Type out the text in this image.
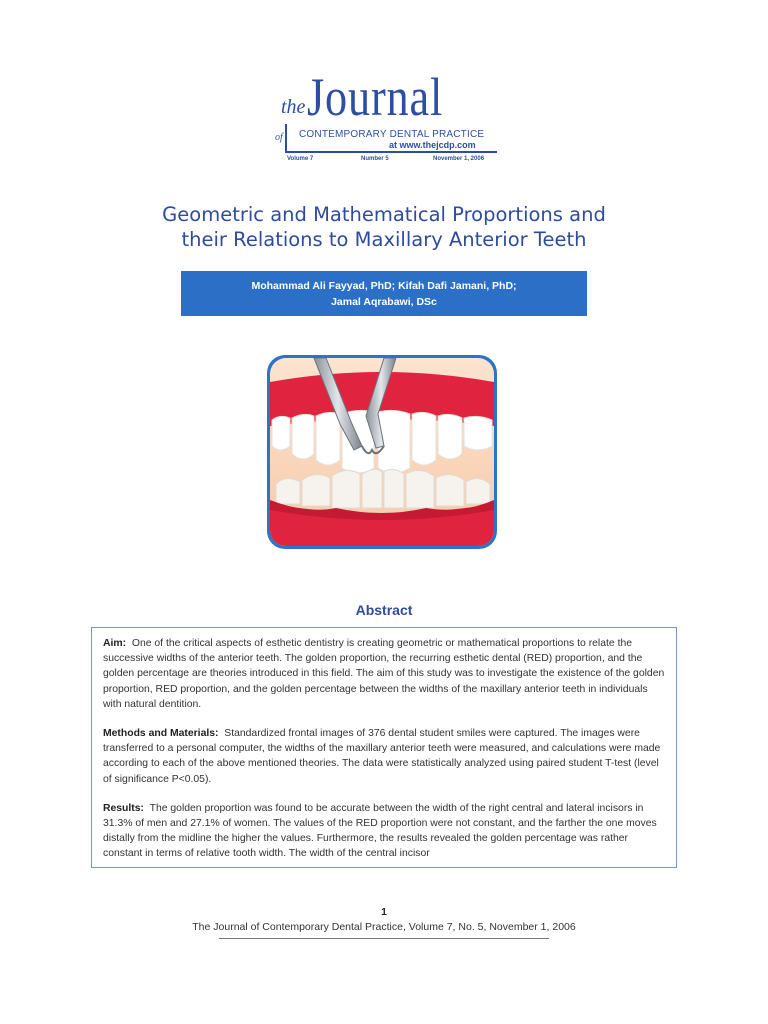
the Journal
of CONTEMPORARY DENTAL PRACTICE
at www.thejcdp.com
Volume 7	Number 5	November 1, 2006
Geometric and Mathematical Proportions and
their Relations to Maxillary Anterior Teeth
Mohammad Ali Fayyad, PhD; Kifah Dafi Jamani, PhD;
Jamal Aqrabawi, DSc
Abstract

Aim: One of the critical aspects of esthetic dentistry is creating geometric or mathematical proportions to relate the successive widths of the anterior teeth. The golden proportion, the recurring esthetic dental (RED) proportion, and the golden percentage are theories introduced in this field. The aim of this study was to investigate the existence of the golden proportion, RED proportion, and the golden percentage between the widths of the maxillary anterior teeth in individuals with natural dentition.

Methods and Materials: Standardized frontal images of 376 dental student smiles were captured. The images were transferred to a personal computer, the widths of the maxillary anterior teeth were measured, and calculations were made according to each of the above mentioned theories. The data were statistically analyzed using paired student T-test (level of significance P<0.05).

Results: The golden proportion was found to be accurate between the width of the right central and lateral incisors in 31.3% of men and 27.1% of women. The values of the RED proportion were not constant, and the farther the one moves distally from the midline the higher the values. Furthermore, the results revealed the golden percentage was rather constant in terms of relative tooth width. The width of the central incisor

1
The Journal of Contemporary Dental Practice, Volume 7, No. 5, November 1, 2006
